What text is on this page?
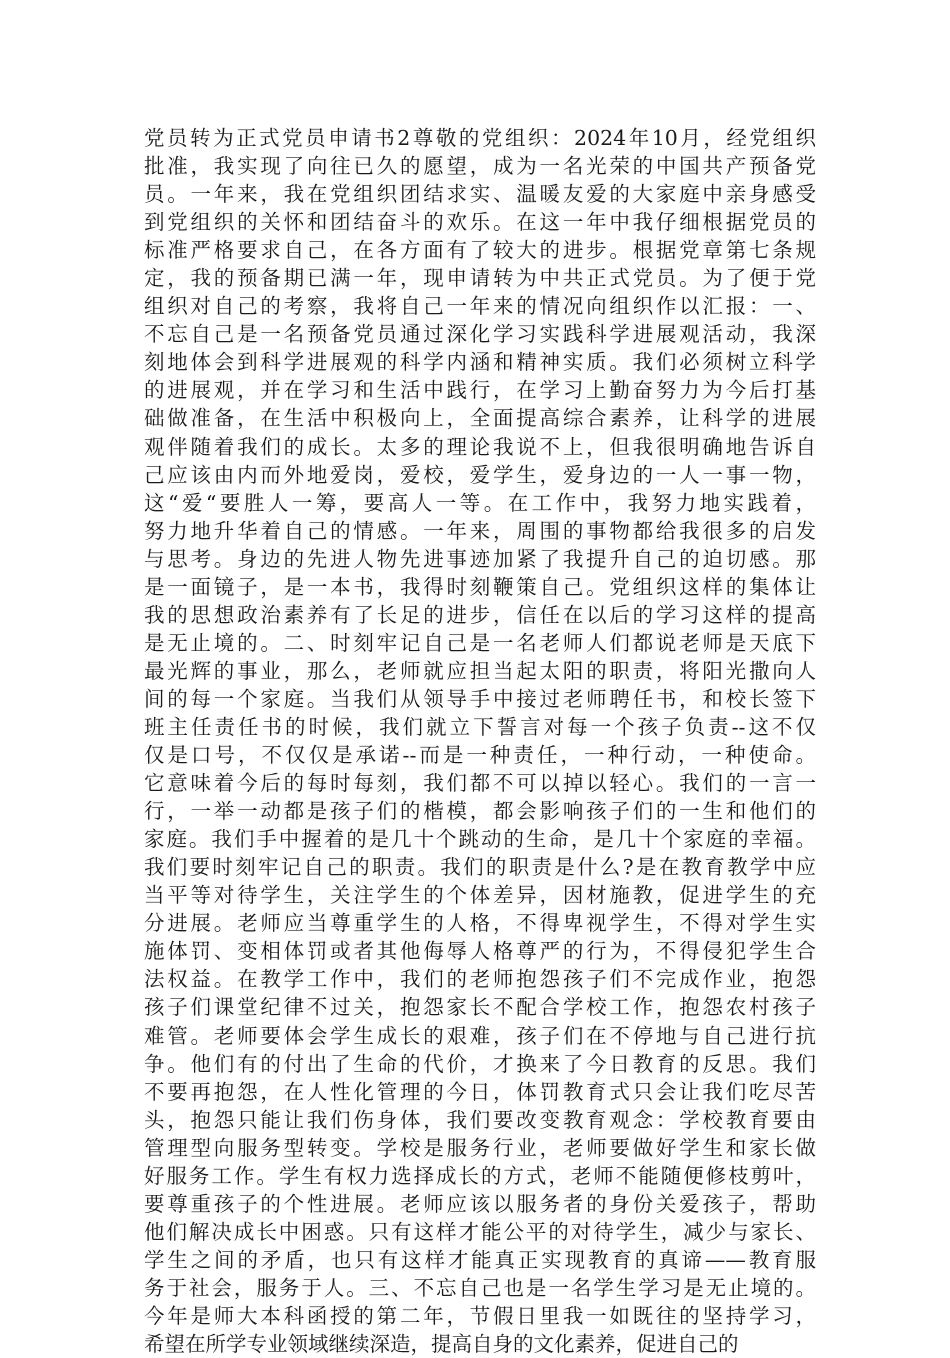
党员转为正式党员申请书2尊敬的党组织：2024年10月，经党组织
批准，我实现了向往已久的愿望，成为一名光荣的中国共产预备党
员。一年来，我在党组织团结求实、温暖友爱的大家庭中亲身感受
到党组织的关怀和团结奋斗的欢乐。在这一年中我仔细根据党员的
标准严格要求自己，在各方面有了较大的进步。根据党章第七条规
定，我的预备期已满一年，现申请转为中共正式党员。为了便于党
组织对自己的考察，我将自己一年来的情况向组织作以汇报：一、
不忘自己是一名预备党员通过深化学习实践科学进展观活动，我深
刻地体会到科学进展观的科学内涵和精神实质。我们必须树立科学
的进展观，并在学习和生活中践行，在学习上勤奋努力为今后打基
础做准备，在生活中积极向上，全面提高综合素养，让科学的进展
观伴随着我们的成长。太多的理论我说不上，但我很明确地告诉自
己应该由内而外地爱岗，爱校，爱学生，爱身边的一人一事一物，
这“爱“要胜人一筹，要高人一等。在工作中，我努力地实践着，
努力地升华着自己的情感。一年来，周围的事物都给我很多的启发
与思考。身边的先进人物先进事迹加紧了我提升自己的迫切感。那
是一面镜子，是一本书，我得时刻鞭策自己。党组织这样的集体让
我的思想政治素养有了长足的进步，信任在以后的学习这样的提高
是无止境的。二、时刻牢记自己是一名老师人们都说老师是天底下
最光辉的事业，那么，老师就应担当起太阳的职责，将阳光撒向人
间的每一个家庭。当我们从领导手中接过老师聘任书，和校长签下
班主任责任书的时候，我们就立下誓言对每一个孩子负责--这不仅
仅是口号，不仅仅是承诺--而是一种责任，一种行动，一种使命。
它意味着今后的每时每刻，我们都不可以掉以轻心。我们的一言一
行，一举一动都是孩子们的楷模，都会影响孩子们的一生和他们的
家庭。我们手中握着的是几十个跳动的生命，是几十个家庭的幸福。
我们要时刻牢记自己的职责。我们的职责是什么?是在教育教学中应
当平等对待学生，关注学生的个体差异，因材施教，促进学生的充
分进展。老师应当尊重学生的人格，不得卑视学生，不得对学生实
施体罚、变相体罚或者其他侮辱人格尊严的行为，不得侵犯学生合
法权益。在教学工作中，我们的老师抱怨孩子们不完成作业，抱怨
孩子们课堂纪律不过关，抱怨家长不配合学校工作，抱怨农村孩子
难管。老师要体会学生成长的艰难，孩子们在不停地与自己进行抗
争。他们有的付出了生命的代价，才换来了今日教育的反思。我们
不要再抱怨，在人性化管理的今日，体罚教育式只会让我们吃尽苦
头，抱怨只能让我们伤身体，我们要改变教育观念：学校教育要由
管理型向服务型转变。学校是服务行业，老师要做好学生和家长做
好服务工作。学生有权力选择成长的方式，老师不能随便修枝剪叶，
要尊重孩子的个性进展。老师应该以服务者的身份关爱孩子，帮助
他们解决成长中困惑。只有这样才能公平的对待学生，减少与家长、
学生之间的矛盾，也只有这样才能真正实现教育的真谛——教育服
务于社会，服务于人。三、不忘自己也是一名学生学习是无止境的。
今年是师大本科函授的第二年，节假日里我一如既往的坚持学习，
希望在所学专业领域继续深造，提高自身的文化素养，促进自己的
